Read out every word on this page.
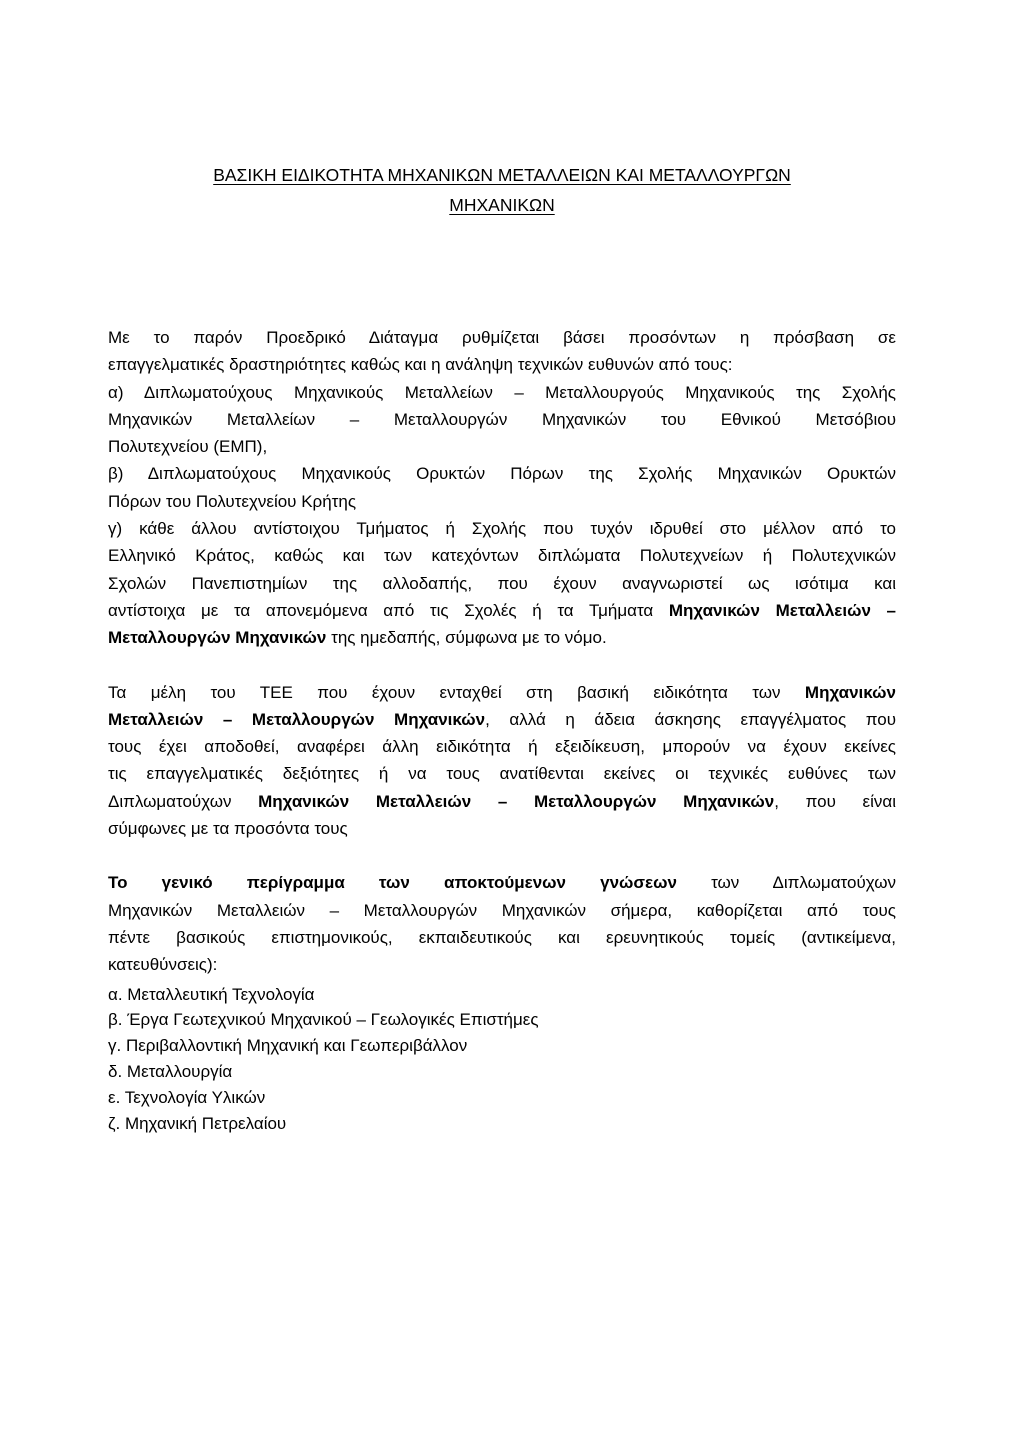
ΒΑΣΙΚΗ ΕΙΔΙΚΟΤΗΤΑ ΜΗΧΑΝΙΚΩΝ ΜΕΤΑΛΛΕΙΩΝ ΚΑΙ ΜΕΤΑΛΛΟΥΡΓΩΝ
ΜΗΧΑΝΙΚΩΝ

Με το παρόν Προεδρικό Διάταγμα ρυθμίζεται βάσει προσόντων η πρόσβαση σε
επαγγελματικές δραστηριότητες καθώς και η ανάληψη τεχνικών ευθυνών από τους:
α) Διπλωματούχους Μηχανικούς Μεταλλείων – Μεταλλουργούς Μηχανικούς της Σχολής
Μηχανικών Μεταλλείων – Μεταλλουργών Μηχανικών του Εθνικού Μετσόβιου
Πολυτεχνείου (ΕΜΠ),
β) Διπλωματούχους Μηχανικούς Ορυκτών Πόρων της Σχολής Μηχανικών Ορυκτών
Πόρων του Πολυτεχνείου Κρήτης
γ) κάθε άλλου αντίστοιχου Τμήματος ή Σχολής που τυχόν ιδρυθεί στο μέλλον από το
Ελληνικό Κράτος, καθώς και των κατεχόντων διπλώματα Πολυτεχνείων ή Πολυτεχνικών
Σχολών Πανεπιστημίων της αλλοδαπής, που έχουν αναγνωριστεί ως ισότιμα και
αντίστοιχα με τα απονεμόμενα από τις Σχολές ή τα Τμήματα Μηχανικών Μεταλλειών –
Μεταλλουργών Μηχανικών της ημεδαπής, σύμφωνα με το νόμο.

Τα μέλη του ΤΕΕ που έχουν ενταχθεί στη βασική ειδικότητα των Μηχανικών
Μεταλλειών – Μεταλλουργών Μηχανικών, αλλά η άδεια άσκησης επαγγέλματος που
τους έχει αποδοθεί, αναφέρει άλλη ειδικότητα ή εξειδίκευση, μπορούν να έχουν εκείνες
τις επαγγελματικές δεξιότητες ή να τους ανατίθενται εκείνες οι τεχνικές ευθύνες των
Διπλωματούχων Μηχανικών Μεταλλειών – Μεταλλουργών Μηχανικών, που είναι
σύμφωνες με τα προσόντα τους

Το γενικό περίγραμμα των αποκτούμενων γνώσεων των Διπλωματούχων
Μηχανικών Μεταλλειών – Μεταλλουργών Μηχανικών σήμερα, καθορίζεται από τους
πέντε βασικούς επιστημονικούς, εκπαιδευτικούς και ερευνητικούς τομείς (αντικείμενα,
κατευθύνσεις):

α. Μεταλλευτική Τεχνολογία
β. Έργα Γεωτεχνικού Μηχανικού – Γεωλογικές Επιστήμες
γ. Περιβαλλοντική Μηχανική και Γεωπεριβάλλον
δ. Μεταλλουργία
ε. Τεχνολογία Υλικών
ζ. Μηχανική Πετρελαίου
